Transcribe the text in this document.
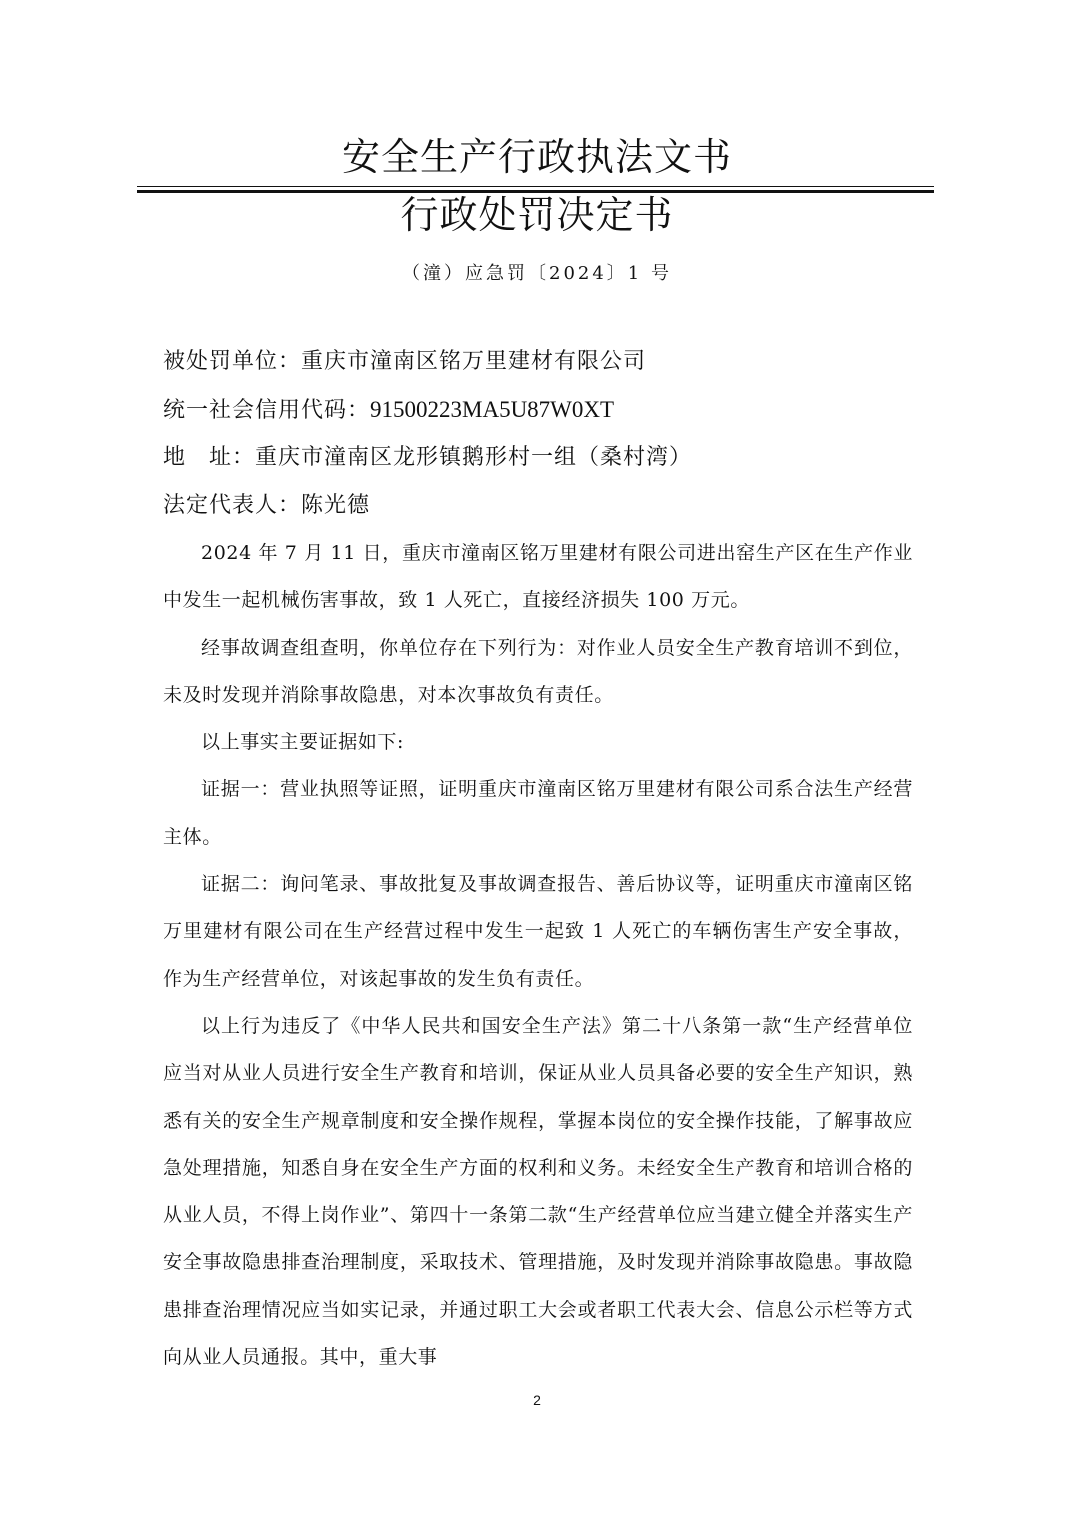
安全生产行政执法文书
行政处罚决定书
（潼）应急罚〔2024〕1 号
被处罚单位：重庆市潼南区铭万里建材有限公司
统一社会信用代码：91500223MA5U87W0XT
地　址：重庆市潼南区龙形镇鹅形村一组（桑村湾）
法定代表人：陈光德

2024 年 7 月 11 日，重庆市潼南区铭万里建材有限公司进出窑生产区在生产作业中发生一起机械伤害事故，致 1 人死亡，直接经济损失 100 万元。

经事故调查组查明，你单位存在下列行为：对作业人员安全生产教育培训不到位，未及时发现并消除事故隐患，对本次事故负有责任。

以上事实主要证据如下:

证据一：营业执照等证照，证明重庆市潼南区铭万里建材有限公司系合法生产经营主体。

证据二：询问笔录、事故批复及事故调查报告、善后协议等，证明重庆市潼南区铭万里建材有限公司在生产经营过程中发生一起致 1 人死亡的车辆伤害生产安全事故，作为生产经营单位，对该起事故的发生负有责任。

以上行为违反了《中华人民共和国安全生产法》第二十八条第一款“生产经营单位应当对从业人员进行安全生产教育和培训，保证从业人员具备必要的安全生产知识，熟悉有关的安全生产规章制度和安全操作规程，掌握本岗位的安全操作技能，了解事故应急处理措施，知悉自身在安全生产方面的权利和义务。未经安全生产教育和培训合格的从业人员，不得上岗作业”、第四十一条第二款“生产经营单位应当建立健全并落实生产安全事故隐患排查治理制度，采取技术、管理措施，及时发现并消除事故隐患。事故隐患排查治理情况应当如实记录，并通过职工大会或者职工代表大会、信息公示栏等方式向从业人员通报。其中，重大事

2
